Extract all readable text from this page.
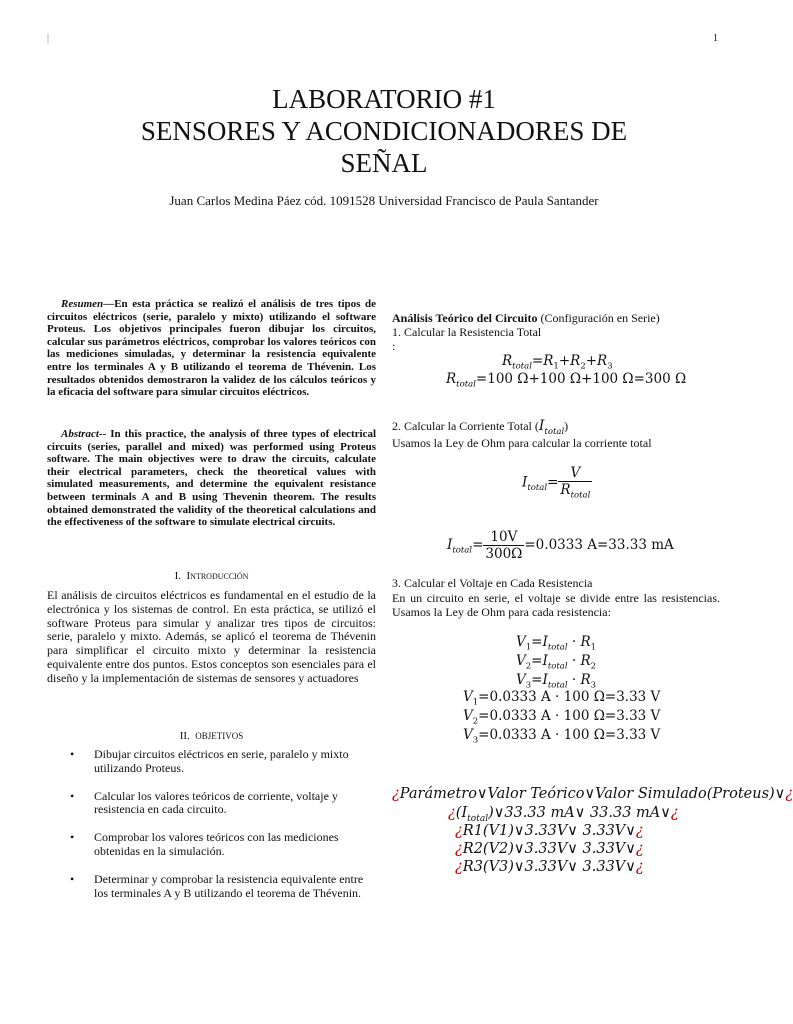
|	1
LABORATORIO #1
SENSORES Y ACONDICIONADORES DE
SEÑAL
Juan Carlos Medina Páez cód. 1091528 Universidad Francisco de Paula Santander
Resumen—En esta práctica se realizó el análisis de tres tipos de circuitos eléctricos (serie, paralelo y mixto) utilizando el software Proteus. Los objetivos principales fueron dibujar los circuitos, calcular sus parámetros eléctricos, comprobar los valores teóricos con las mediciones simuladas, y determinar la resistencia equivalente entre los terminales A y B utilizando el teorema de Thévenin. Los resultados obtenidos demostraron la validez de los cálculos teóricos y la eficacia del software para simular circuitos eléctricos.
Abstract-- In this practice, the analysis of three types of electrical circuits (series, parallel and mixed) was performed using Proteus software. The main objectives were to draw the circuits, calculate their electrical parameters, check the theoretical values with simulated measurements, and determine the equivalent resistance between terminals A and B using Thevenin theorem. The results obtained demonstrated the validity of the theoretical calculations and the effectiveness of the software to simulate electrical circuits.
I. Introducción
El análisis de circuitos eléctricos es fundamental en el estudio de la electrónica y los sistemas de control. En esta práctica, se utilizó el software Proteus para simular y analizar tres tipos de circuitos: serie, paralelo y mixto. Además, se aplicó el teorema de Thévenin para simplificar el circuito mixto y determinar la resistencia equivalente entre dos puntos. Estos conceptos son esenciales para el diseño y la implementación de sistemas de sensores y actuadores
II. OBJETIVOS
• Dibujar circuitos eléctricos en serie, paralelo y mixto utilizando Proteus.
• Calcular los valores teóricos de corriente, voltaje y resistencia en cada circuito.
• Comprobar los valores teóricos con las mediciones obtenidas en la simulación.
• Determinar y comprobar la resistencia equivalente entre los terminales A y B utilizando el teorema de Thévenin.
Análisis Teórico del Circuito (Configuración en Serie)
1. Calcular la Resistencia Total
:
$R_{total}=R_1+R_2+R_3$
$R_{total}=100$ Ω+100 Ω+100 Ω=300 Ω
2. Calcular la Corriente Total $(I_{total})$
Usamos la Ley de Ohm para calcular la corriente total
$I_{total}= \frac{V}{R_{total}}$
$I_{total}= \frac{10V}{300\Omega} =0.0333$ A=33.33 mA
3. Calcular el Voltaje en Cada Resistencia
En un circuito en serie, el voltaje se divide entre las resistencias. Usamos la Ley de Ohm para cada resistencia:
$V_1=I_{total} \cdot R_1$
$V_2=I_{total} \cdot R_2$
$V_3=I_{total} \cdot R_3$
$V_1=0.0333$ A · 100 Ω=3.33 V
$V_2=0.0333$ A · 100 Ω=3.33 V
$V_3=0.0333$ A · 100 Ω=3.33 V
¿Parámetro∨Valor Teórico∨Valor Simulado(Proteus)∨¿
¿$(I_{total})\vee 33.33$ mA∨ 33.33 mA∨¿
¿R1(V1)∨3.33V∨ 3.33V∨¿
¿R2(V2)∨3.33V∨ 3.33V∨¿
¿R3(V3)∨3.33V∨ 3.33V∨¿
